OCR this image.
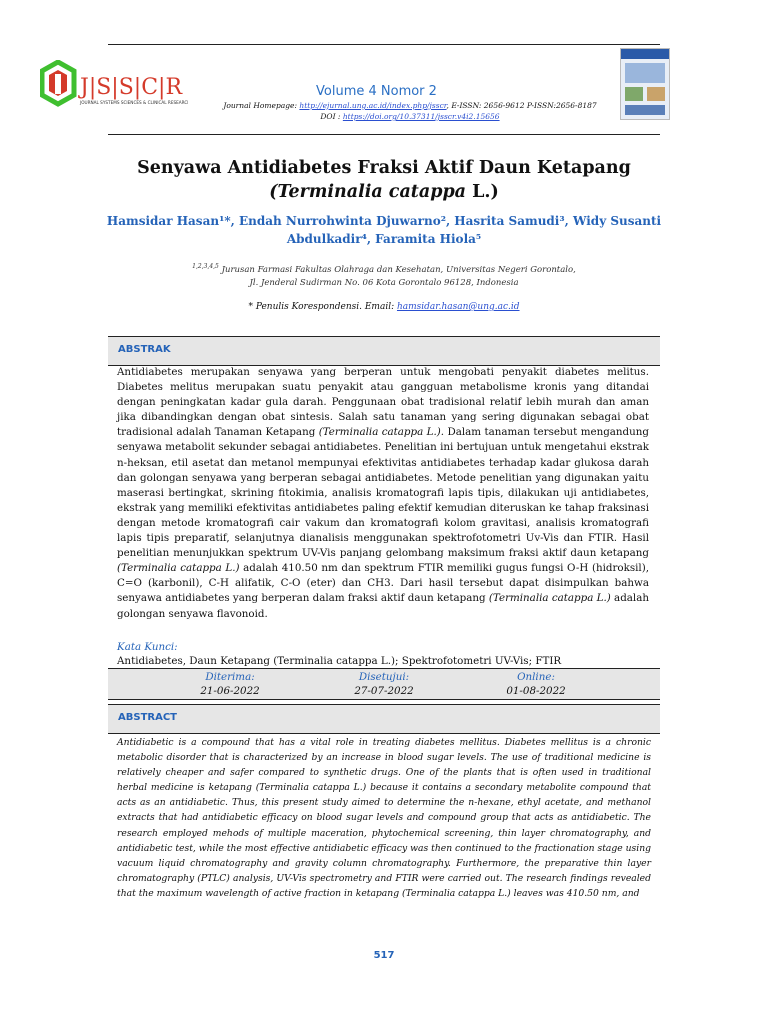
J|S|S|C|R
JOURNAL SYSTEMS SCIENCES & CLINICAL RESEARCH
Volume 4 Nomor 2
Journal Homepage: http://ejurnal.ung.ac.id/index.php/jsscr, E-ISSN: 2656-9612 P-ISSN:2656-8187
DOI : https://doi.org/10.37311/jsscr.v4i2.15656
Senyawa Antidiabetes Fraksi Aktif Daun Ketapang
(Terminalia catappa L.)
Hamsidar Hasan¹*, Endah Nurrohwinta Djuwarno², Hasrita Samudi³, Widy Susanti
Abdulkadir⁴, Faramita Hiola⁵
$^{1,2,3,4,5}$ Jurusan Farmasi Fakultas Olahraga dan Kesehatan, Universitas Negeri Gorontalo,
Jl. Jenderal Sudirman No. 06 Kota Gorontalo 96128, Indonesia
* Penulis Korespondensi. Email: hamsidar.hasan@ung.ac.id
ABSTRAK
Antidiabetes merupakan senyawa yang berperan untuk mengobati penyakit diabetes melitus. Diabetes melitus merupakan suatu penyakit atau gangguan metabolisme kronis yang ditandai dengan peningkatan kadar gula darah. Penggunaan obat tradisional relatif lebih murah dan aman jika dibandingkan dengan obat sintesis. Salah satu tanaman yang sering digunakan sebagai obat tradisional adalah Tanaman Ketapang (Terminalia catappa L.). Dalam tanaman tersebut mengandung senyawa metabolit sekunder sebagai antidiabetes. Penelitian ini bertujuan untuk mengetahui ekstrak n-heksan, etil asetat dan metanol mempunyai efektivitas antidiabetes terhadap kadar glukosa darah dan golongan senyawa yang berperan sebagai antidiabetes. Metode penelitian yang digunakan yaitu maserasi bertingkat, skrining fitokimia, analisis kromatografi lapis tipis, dilakukan uji antidiabetes, ekstrak yang memiliki efektivitas antidiabetes paling efektif kemudian diteruskan ke tahap fraksinasi dengan metode kromatografi cair vakum dan kromatografi kolom gravitasi, analisis kromatografi lapis tipis preparatif, selanjutnya dianalisis menggunakan spektrofotometri Uv-Vis dan FTIR. Hasil penelitian menunjukkan spektrum UV-Vis panjang gelombang maksimum fraksi aktif daun ketapang (Terminalia catappa L.) adalah 410.50 nm dan spektrum FTIR memiliki gugus fungsi O-H (hidroksil), C=O (karbonil), C-H alifatik, C-O (eter) dan CH3. Dari hasil tersebut dapat disimpulkan bahwa senyawa antidiabetes yang berperan dalam fraksi aktif daun ketapang (Terminalia catappa L.) adalah golongan senyawa flavonoid.
Kata Kunci:
Antidiabetes, Daun Ketapang (Terminalia catappa L.); Spektrofotometri UV-Vis; FTIR
Diterima:
21-06-2022
Disetujui:
27-07-2022
Online:
01-08-2022
ABSTRACT
Antidiabetic is a compound that has a vital role in treating diabetes mellitus. Diabetes mellitus is a chronic metabolic disorder that is characterized by an increase in blood sugar levels. The use of traditional medicine is relatively cheaper and safer compared to synthetic drugs. One of the plants that is often used in traditional herbal medicine is ketapang (Terminalia catappa L.) because it contains a secondary metabolite compound that acts as an antidiabetic. Thus, this present study aimed to determine the n-hexane, ethyl acetate, and methanol extracts that had antidiabetic efficacy on blood sugar levels and compound group that acts as antidiabetic. The research employed mehods of multiple maceration, phytochemical screening, thin layer chromatography, and antidiabetic test, while the most effective antidiabetic efficacy was then continued to the fractionation stage using vacuum liquid chromatography and gravity column chromatography. Furthermore, the preparative thin layer chromatography (PTLC) analysis, UV-Vis spectrometry and FTIR were carried out. The research findings revealed that the maximum wavelength of active fraction in ketapang (Terminalia catappa L.) leaves was 410.50 nm, and
517
